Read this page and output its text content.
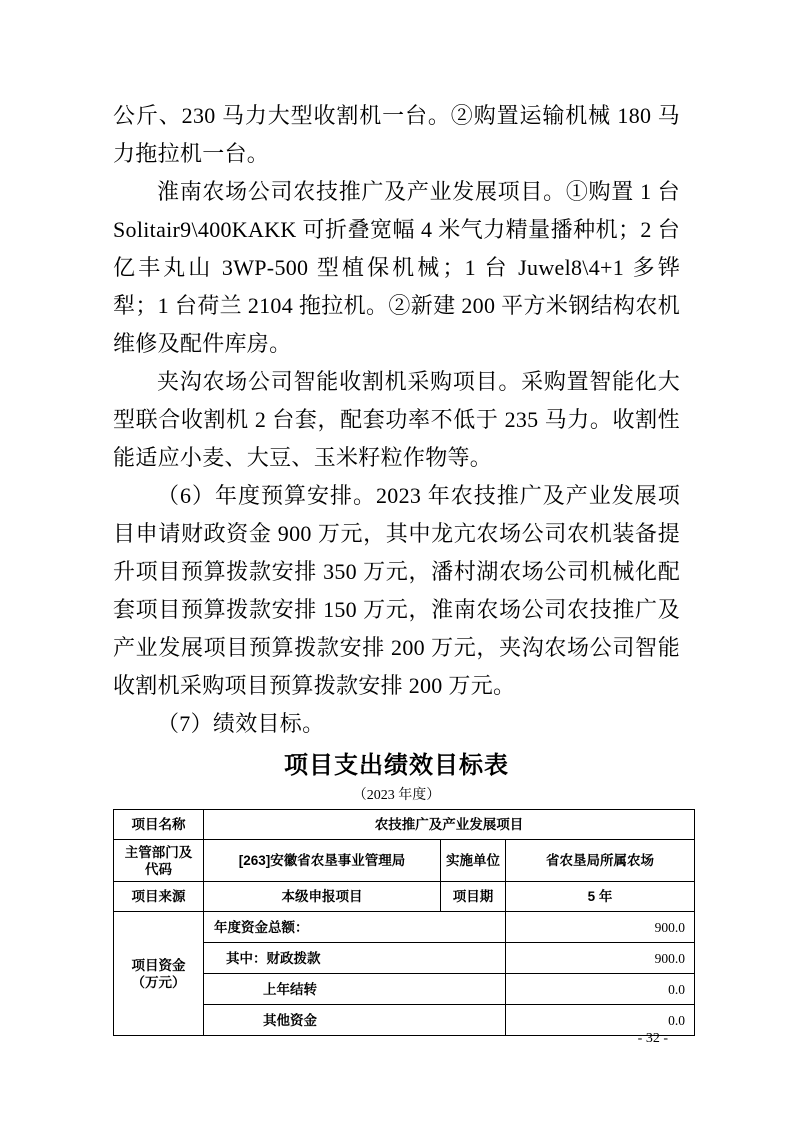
公斤、230 马力大型收割机一台。②购置运输机械 180 马力拖拉机一台。

淮南农场公司农技推广及产业发展项目。①购置 1 台 Solitair9\400KAKK 可折叠宽幅 4 米气力精量播种机；2 台亿丰丸山 3WP-500 型植保机械；1 台 Juwel8\4+1 多铧犁；1 台荷兰 2104 拖拉机。②新建 200 平方米钢结构农机维修及配件库房。

夹沟农场公司智能收割机采购项目。采购置智能化大型联合收割机 2 台套，配套功率不低于 235 马力。收割性能适应小麦、大豆、玉米籽粒作物等。

（6）年度预算安排。2023 年农技推广及产业发展项目申请财政资金 900 万元，其中龙亢农场公司农机装备提升项目预算拨款安排 350 万元，潘村湖农场公司机械化配套项目预算拨款安排 150 万元，淮南农场公司农技推广及产业发展项目预算拨款安排 200 万元，夹沟农场公司智能收割机采购项目预算拨款安排 200 万元。

（7）绩效目标。

项目支出绩效目标表
（2023 年度）
项目名称	农技推广及产业发展项目		

主管部门及
代码	[263]安徽省农垦事业管理局	实施单位	省农垦局所属农场
项目来源	本级申报项目	项目期	5 年

项目资金
（万元）	年度资金总额：		900.0
	其中：财政拨款		900.0
	上年结转		0.0
	其他资金		0.0
- 32 -
